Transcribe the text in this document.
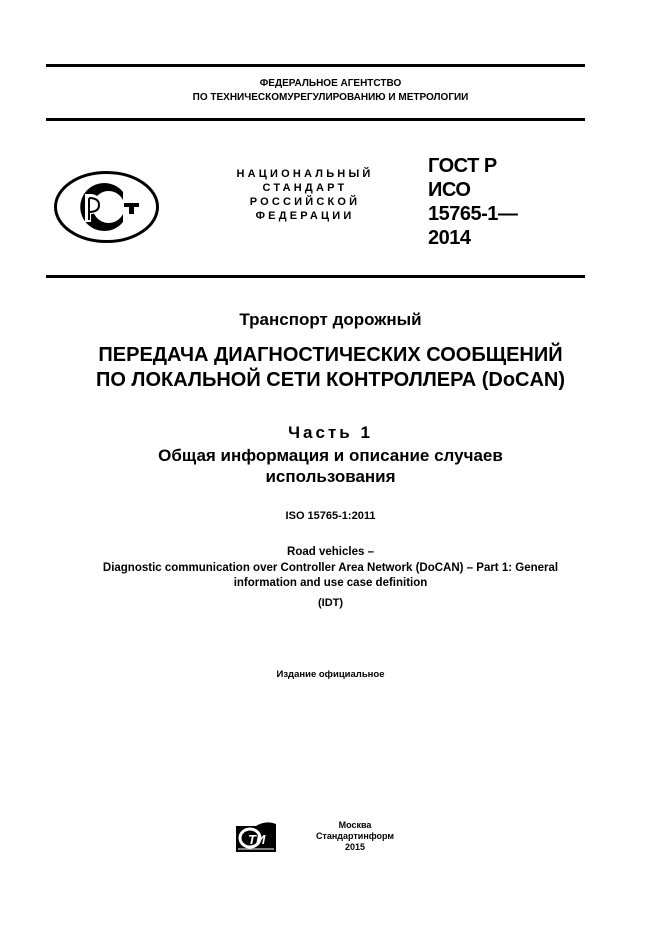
ФЕДЕРАЛЬНОЕ АГЕНТСТВО
ПО ТЕХНИЧЕСКОМУРЕГУЛИРОВАНИЮ И МЕТРОЛОГИИ
НАЦИОНАЛЬНЫЙ
СТАНДАРТ
РОССИЙСКОЙ
ФЕДЕРАЦИИ
ГОСТ Р
ИСО
15765-1—
2014
Транспорт дорожный
ПЕРЕДАЧА ДИАГНОСТИЧЕСКИХ СООБЩЕНИЙ
ПО ЛОКАЛЬНОЙ СЕТИ КОНТРОЛЛЕРА (DoCAN)
Часть 1
Общая информация и описание случаев
использования
ISO 15765-1:2011
Road vehicles –
Diagnostic communication over Controller Area Network (DoCAN) – Part 1: General
information and use case definition
(IDT)
Издание официальное
ТИ
Москва
Стандартинформ
2015
